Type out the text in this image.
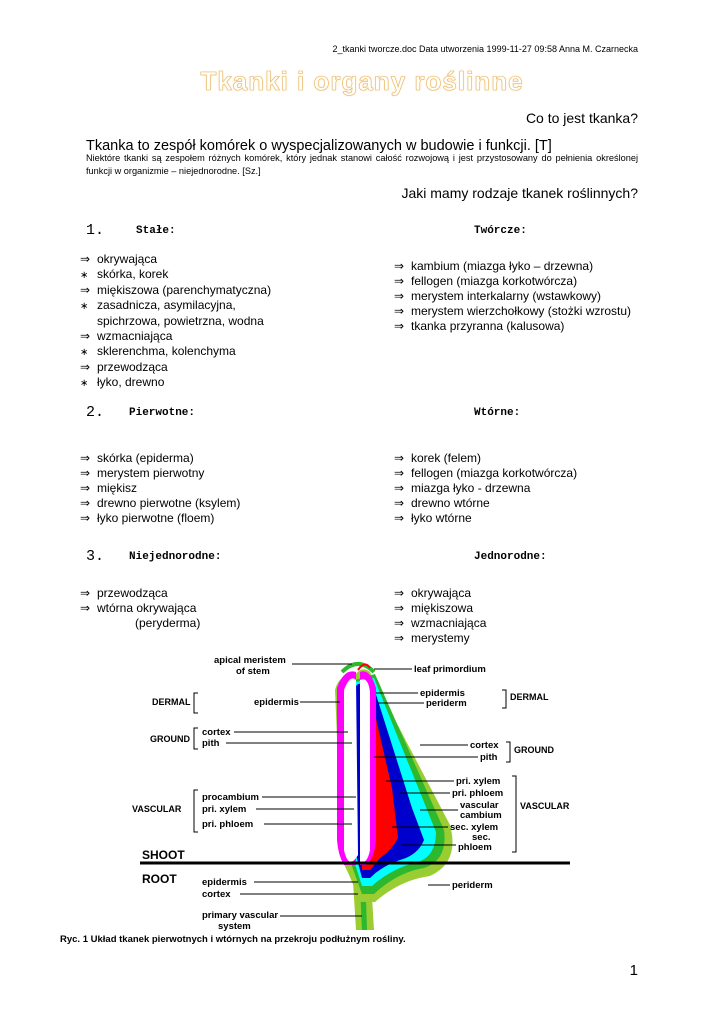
2_tkanki tworcze.doc Data utworzenia 1999-11-27 09:58 Anna M. Czarnecka
Tkanki i organy roślinne
Co to jest tkanka?
Tkanka to zespół komórek o wyspecjalizowanych w budowie i funkcji. [T]
Niektóre tkanki są zespołem różnych komórek, który jednak stanowi całość rozwojową i jest przystosowany do pełnienia określonej funkcji w organizmie – niejednorodne. [Sz.]
Jaki mamy rodzaje tkanek roślinnych?
1.	Stałe:	Twórcze:
⇒ okrywająca
∗ skórka, korek
⇒ miękiszowa (parenchymatyczna)
∗ zasadnicza, asymilacyjna,
spichrzowa, powietrzna, wodna
⇒ wzmacniająca
∗ sklerenchma, kolenchyma
⇒ przewodząca
∗ łyko, drewno
⇒ kambium (miazga łyko – drzewna)
⇒ fellogen (miazga korkotwórcza)
⇒ merystem interkalarny (wstawkowy)
⇒ merystem wierzchołkowy (stożki wzrostu)
⇒ tkanka przyranna (kalusowa)
2. Pierwotne:	Wtórne:
⇒ skórka (epiderma)
⇒ merystem pierwotny
⇒ miękisz
⇒ drewno pierwotne (ksylem)
⇒ łyko pierwotne (floem)
⇒ korek (felem)
⇒ fellogen (miazga korkotwórcza)
⇒ miazga łyko - drzewna
⇒ drewno wtórne
⇒ łyko wtórne
3. Niejednorodne:	Jednorodne:
⇒ przewodząca
⇒ wtórna okrywająca
(peryderma)
⇒ okrywająca
⇒ miękiszowa
⇒ wzmacniająca
⇒ merystemy
SHOOT
ROOT
apical meristem
of stem
epidermis
cortex
pith
procambium
pri. xylem
pri. phloem
epidermis
cortex
primary vascular
system
DERMAL
GROUND
VASCULAR
leaf primordium
epidermis
periderm
cortex
pith
pri. xylem
pri. phloem
vascular
cambium
sec. xylem
sec.
phloem
periderm
DERMAL
GROUND
VASCULAR
Ryc. 1 Układ tkanek pierwotnych i wtórnych na przekroju podłużnym rośliny.
1
